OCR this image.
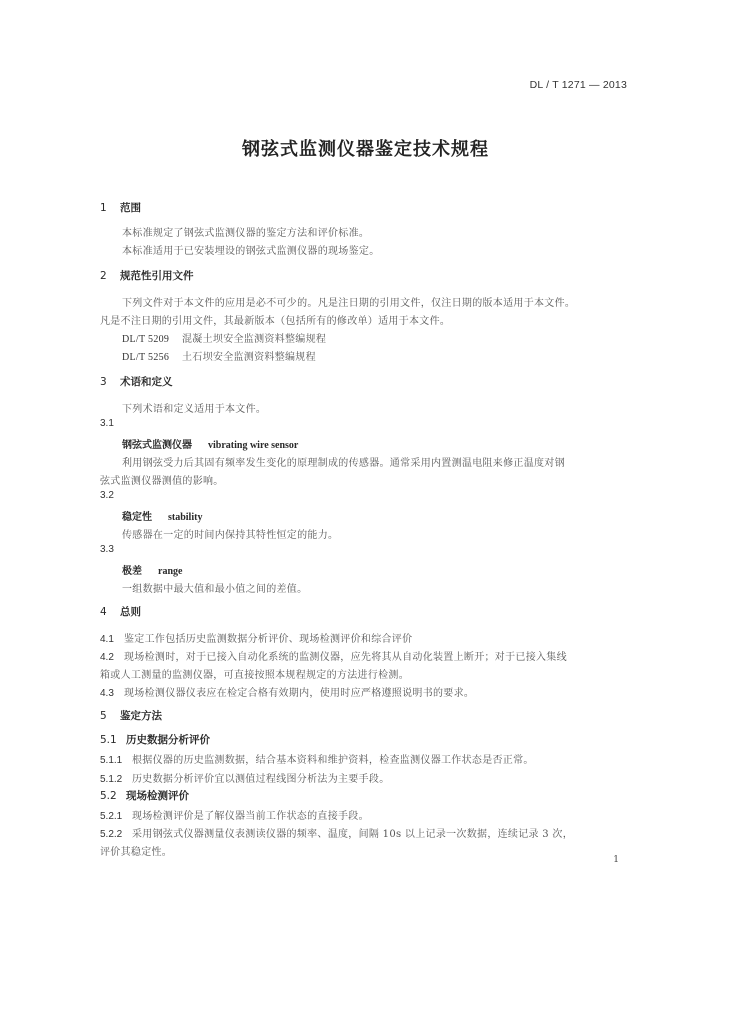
DL / T 1271 — 2013
钢弦式监测仪器鉴定技术规程
1 范围
本标准规定了钢弦式监测仪器的鉴定方法和评价标准。
本标准适用于已安装埋设的钢弦式监测仪器的现场鉴定。
2 规范性引用文件
下列文件对于本文件的应用是必不可少的。凡是注日期的引用文件，仅注日期的版本适用于本文件。
凡是不注日期的引用文件，其最新版本（包括所有的修改单）适用于本文件。
DL/T 5209 混凝土坝安全监测资料整编规程
DL/T 5256 土石坝安全监测资料整编规程
3 术语和定义
下列术语和定义适用于本文件。
3.1
钢弦式监测仪器 vibrating wire sensor
利用钢弦受力后其固有频率发生变化的原理制成的传感器。通常采用内置测温电阻来修正温度对钢
弦式监测仪器测值的影响。
3.2
稳定性 stability
传感器在一定的时间内保持其特性恒定的能力。
3.3
极差 range
一组数据中最大值和最小值之间的差值。
4 总则
4.1 鉴定工作包括历史监测数据分析评价、现场检测评价和综合评价
4.2 现场检测时，对于已接入自动化系统的监测仪器，应先将其从自动化装置上断开；对于已接入集线
箱或人工测量的监测仪器，可直接按照本规程规定的方法进行检测。
4.3 现场检测仪器仪表应在检定合格有效期内，使用时应严格遵照说明书的要求。
5 鉴定方法
5.1 历史数据分析评价
5.1.1 根据仪器的历史监测数据，结合基本资料和维护资料，检查监测仪器工作状态是否正常。
5.1.2 历史数据分析评价宜以测值过程线图分析法为主要手段。
5.2 现场检测评价
5.2.1 现场检测评价是了解仪器当前工作状态的直接手段。
5.2.2 采用钢弦式仪器测量仪表测读仪器的频率、温度，间隔 10s 以上记录一次数据，连续记录 3 次，
评价其稳定性。
1
